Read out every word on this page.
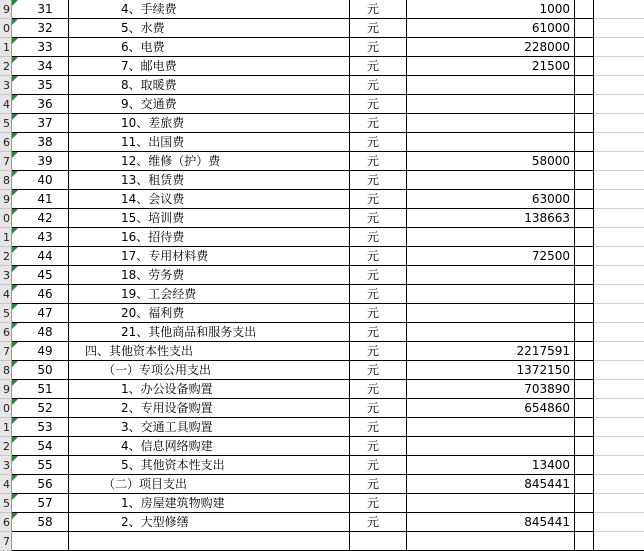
9	31	4、手续费	元	1000
0	32	5、水费	元	61000
1	33	6、电费	元	228000
2	34	7、邮电费	元	21500
3	35	8、取暖费	元
4	36	9、交通费	元
5	37	10、差旅费	元
6	38	11、出国费	元
7	39	12、维修（护）费	元	58000
8	40	13、租赁费	元
9	41	14、会议费	元	63000
0	42	15、培训费	元	138663
1	43	16、招待费	元
2	44	17、专用材料费	元	72500
3	45	18、劳务费	元
4	46	19、工会经费	元
5	47	20、福利费	元
6	48	21、其他商品和服务支出	元
7	49	四、其他资本性支出	元	2217591
8	50	（一）专项公用支出	元	1372150
9	51	1、办公设备购置	元	703890
0	52	2、专用设备购置	元	654860
1	53	3、交通工具购置	元
2	54	4、信息网络购建	元
3	55	5、其他资本性支出	元	13400
4	56	（二）项目支出	元	845441
5	57	1、房屋建筑物购建	元
6	58	2、大型修缮	元	845441
7
